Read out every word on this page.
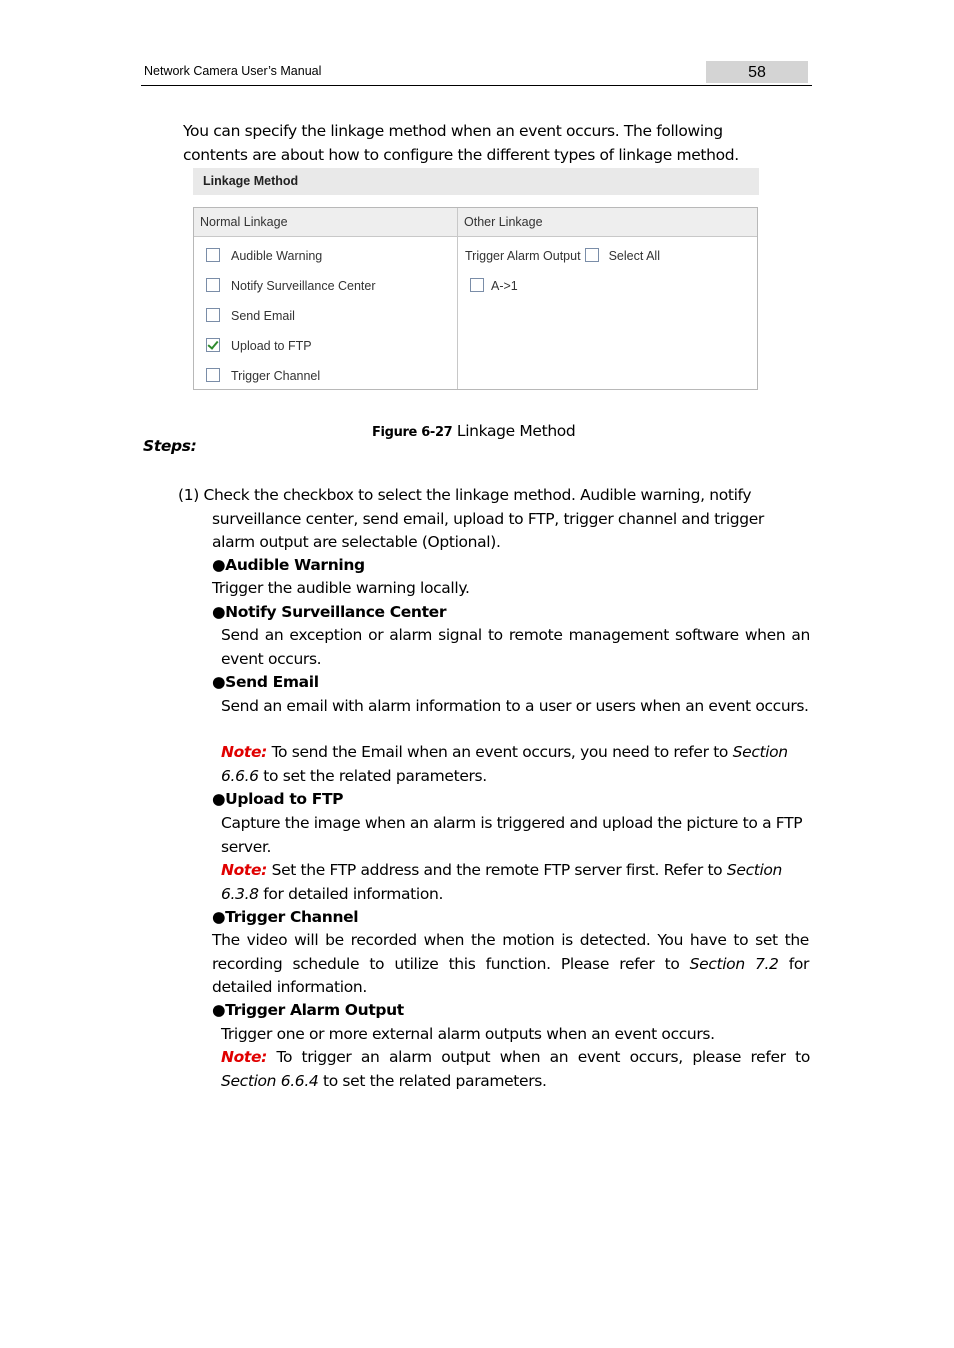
Network Camera User’s Manual	58
You can specify the linkage method when an event occurs. The following contents are about how to configure the different types of linkage method.
Linkage Method
Normal Linkage	Other Linkage
Audible Warning
Notify Surveillance Center
Send Email
Upload to FTP
Trigger Channel
Trigger Alarm Output Select All
A->1
Figure 6-27 Linkage Method
Steps:
(1) Check the checkbox to select the linkage method. Audible warning, notify
surveillance center, send email, upload to FTP, trigger channel and trigger alarm output are selectable (Optional).
●Audible Warning
Trigger the audible warning locally.
●Notify Surveillance Center
Send an exception or alarm signal to remote management software when an event occurs.
●Send Email
Send an email with alarm information to a user or users when an event occurs.
Note: To send the Email when an event occurs, you need to refer to Section 6.6.6 to set the related parameters.
●Upload to FTP
Capture the image when an alarm is triggered and upload the picture to a FTP server.
Note: Set the FTP address and the remote FTP server first. Refer to Section 6.3.8 for detailed information.
●Trigger Channel
The video will be recorded when the motion is detected. You have to set the recording schedule to utilize this function. Please refer to Section 7.2 for detailed information.
●Trigger Alarm Output
Trigger one or more external alarm outputs when an event occurs.
Note: To trigger an alarm output when an event occurs, please refer to Section 6.6.4 to set the related parameters.
